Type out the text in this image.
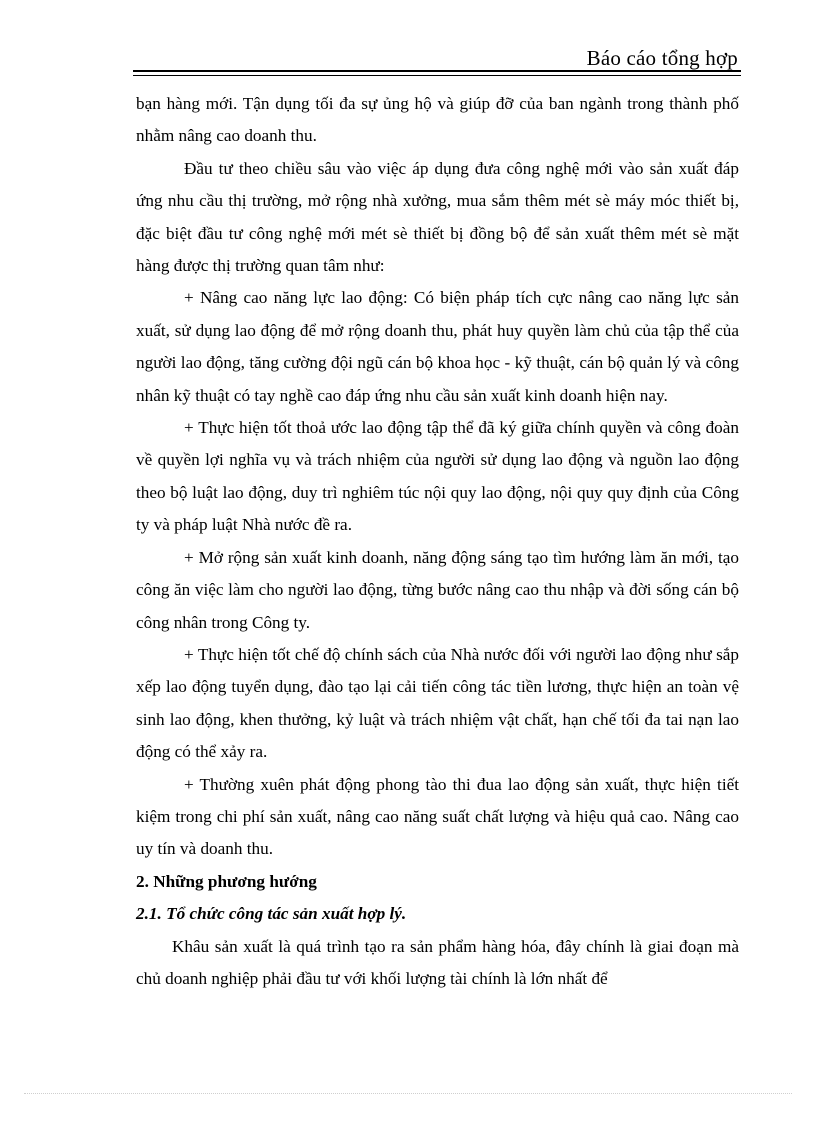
Báo cáo tổng hợp

bạn hàng mới. Tận dụng tối đa sự ủng hộ và giúp đỡ của ban ngành trong thành phố nhằm nâng cao doanh thu.

Đầu tư theo chiều sâu vào việc áp dụng đưa công nghệ mới vào sản xuất đáp ứng nhu cầu thị trường, mở rộng nhà xưởng, mua sắm thêm mét sè máy móc thiết bị, đặc biệt đầu tư công nghệ mới mét sè thiết bị đồng bộ để sản xuất thêm mét sè mặt hàng được thị trường quan tâm như:

+ Nâng cao năng lực lao động: Có biện pháp tích cực nâng cao năng lực sản xuất, sử dụng lao động để mở rộng doanh thu, phát huy quyền làm chủ của tập thể của người lao động, tăng cường đội ngũ cán bộ khoa học - kỹ thuật, cán bộ quản lý và công nhân kỹ thuật có tay nghề cao đáp ứng nhu cầu sản xuất kinh doanh hiện nay.

+ Thực hiện tốt thoả ước lao động tập thể đã ký giữa chính quyền và công đoàn về quyền lợi nghĩa vụ và trách nhiệm của người sử dụng lao động và nguồn lao động theo bộ luật lao động, duy trì nghiêm túc nội quy lao động, nội quy quy định của Công ty và pháp luật Nhà nước đề ra.

+ Mở rộng sản xuất kinh doanh, năng động sáng tạo tìm hướng làm ăn mới, tạo công ăn việc làm cho người lao động, từng bước nâng cao thu nhập và đời sống cán bộ công nhân trong Công ty.

+ Thực hiện tốt chế độ chính sách của Nhà nước đối với người lao động như sắp xếp lao động tuyển dụng, đào tạo lại cải tiến công tác tiền lương, thực hiện an toàn vệ sinh lao động, khen thưởng, kỷ luật và trách nhiệm vật chất, hạn chế tối đa tai nạn lao động có thể xảy ra.

+ Thường xuên phát động phong tào thi đua lao động sản xuất, thực hiện tiết kiệm trong chi phí sản xuất, nâng cao năng suất chất lượng và hiệu quả cao. Nâng cao uy tín và doanh thu.

2. Những phương hướng

2.1. Tổ chức công tác sản xuất hợp lý.

Khâu sản xuất là quá trình tạo ra sản phẩm hàng hóa, đây chính là giai đoạn mà chủ doanh nghiệp phải đầu tư với khối lượng tài chính là lớn nhất để
